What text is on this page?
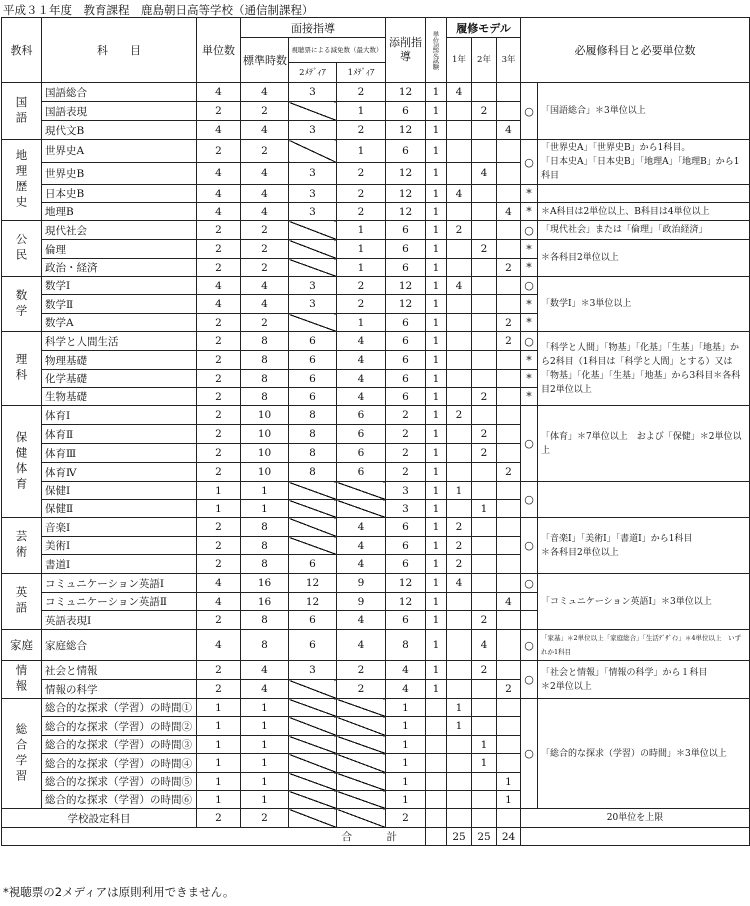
平成３１年度　教育課程　鹿島朝日高等学校（通信制課程）
教科	科　　目	単位数	面接指導			添削指導	単位認定試験	履修モデル			必履修科目と必要単位数	
			標準時数	視聴票による減免数（最大数）				1年	2年	3年		
				2ﾒﾃﾞｨｱ	1ﾒﾃﾞｨｱ							
国語	国語総合	4	4	3	2	12	1	4			○	「国語総合」＊3単位以上
	国語表現	2	2		1	6	1		2			
	現代文B	4	4	3	2	12	1			4		
地理歴史	世界史A	2	2		1	6	1				○	「世界史A」「世界史B」から1科目。
「日本史A」「日本史B」「地理A」「地理B」から1科目
	世界史B	4	4	3	2	12	1		4			
	日本史B	4	4	3	2	12	1	4			*	
	地理B	4	4	3	2	12	1			4	*	＊A科目は2単位以上、B科目は4単位以上
公民	現代社会	2	2		1	6	1	2			○	「現代社会」または「倫理」「政治経済」
	倫理	2	2		1	6	1		2		*	＊各科目2単位以上
	政治・経済	2	2		1	6	1			2	*	
数学	数学Ⅰ	4	4	3	2	12	1	4			○	「数学Ⅰ」＊3単位以上
	数学Ⅱ	4	4	3	2	12	1				*	
	数学A	2	2		1	6	1			2	*	
理科	科学と人間生活	2	8	6	4	6	1			2	○	「科学と人間」「物基」「化基」「生基」「地基」から2科目（1科目は「科学と人間」とする）又は「物基」「化基」「生基」「地基」から3科目＊各科目2単位以上
	物理基礎	2	8	6	4	6	1				*	
	化学基礎	2	8	6	4	6	1				*	
	生物基礎	2	8	6	4	6	1		2		*	
保健体育	体育Ⅰ	2	10	8	6	2	1	2			○	「体育」＊7単位以上　および「保健」＊2単位以上
	体育Ⅱ	2	10	8	6	2	1		2			
	体育Ⅲ	2	10	8	6	2	1		2			
	体育Ⅳ	2	10	8	6	2	1			2		
	保健Ⅰ	1	1			3	1	1			○	
	保健Ⅱ	1	1			3	1		1			
芸術	音楽Ⅰ	2	8		4	6	1	2			○	「音楽Ⅰ」「美術Ⅰ」「書道Ⅰ」から1科目
＊各科目2単位以上
	美術Ⅰ	2	8		4	6	1	2				
	書道Ⅰ	2	8	6	4	6	1	2				
英語	コミュニケーション英語Ⅰ	4	16	12	9	12	1	4			○	「コミュニケーション英語Ⅰ」＊3単位以上
	コミュニケーション英語Ⅱ	4	16	12	9	12	1			4		
	英語表現Ⅰ	2	8	6	4	6	1		2			
家庭	家庭総合	4	8	6	4	8	1		4		○	「家基」＊2単位以上「家庭総合」「生活ﾃﾞｻﾞｲﾝ」＊4単位以上　いずれか1科目
情報	社会と情報	2	4	3	2	4	1		2		○	「社会と情報」「情報の科学」から１科目
＊2単位以上
	情報の科学	2	4		2	4	1			2		
総合学習	総合的な探求（学習）の時間①	1	1			1		1			○	「総合的な探求（学習）の時間」＊3単位以上
	総合的な探求（学習）の時間②	1	1			1		1				
	総合的な探求（学習）の時間③	1	1			1			1			
	総合的な探求（学習）の時間④	1	1			1			1			
	総合的な探求（学習）の時間⑤	1	1			1				1		
	総合的な探求（学習）の時間⑥	1	1			1				1		
学校設定科目		2	2			2					20単位を上限	
合　計								25	25	24		
*視聴票の2メディアは原則利用できません。
